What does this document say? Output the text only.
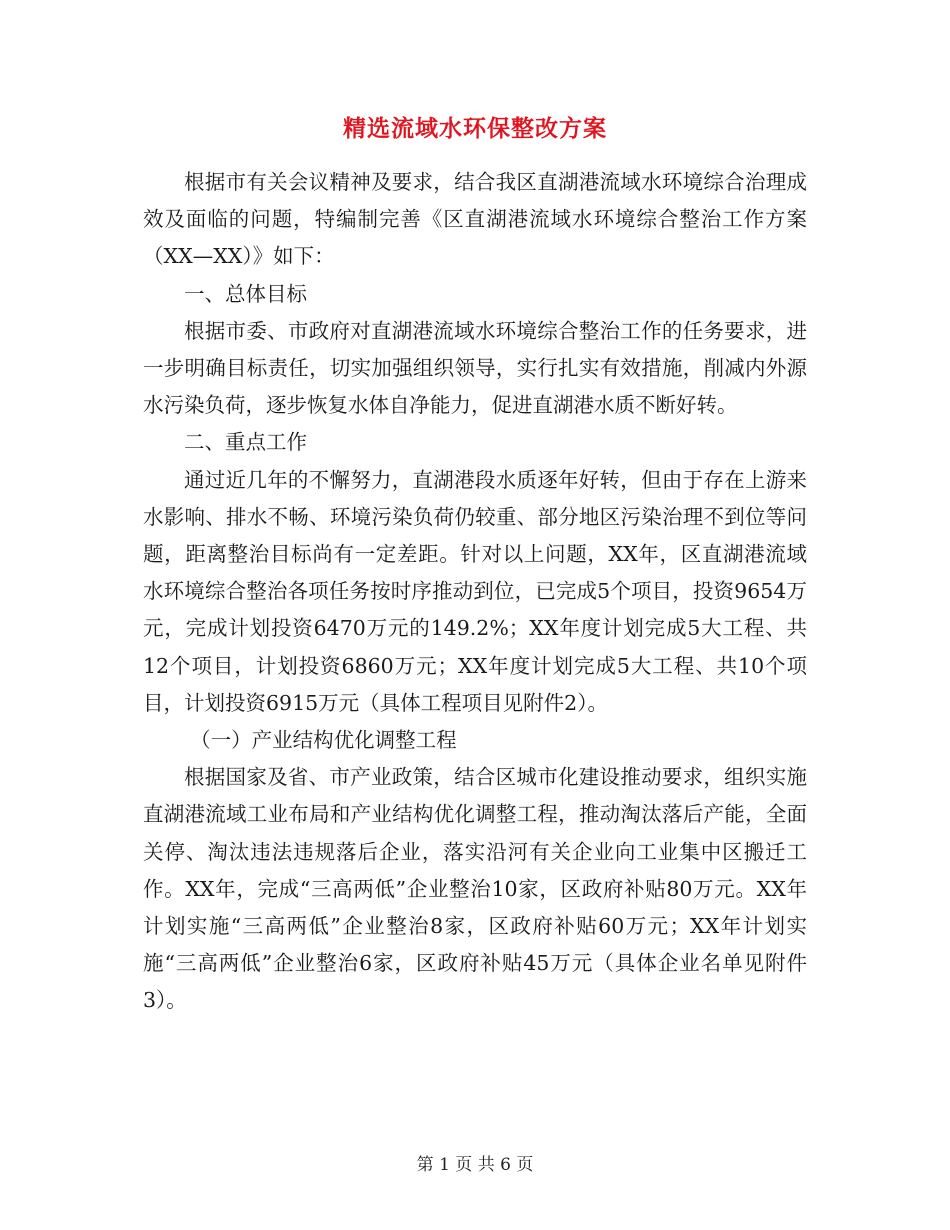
精选流域水环保整改方案

根据市有关会议精神及要求，结合我区直湖港流域水环境综合治理成效及面临的问题，特编制完善《区直湖港流域水环境综合整治工作方案（XX—XX）》如下：

一、总体目标

根据市委、市政府对直湖港流域水环境综合整治工作的任务要求，进一步明确目标责任，切实加强组织领导，实行扎实有效措施，削减内外源水污染负荷，逐步恢复水体自净能力，促进直湖港水质不断好转。

二、重点工作

通过近几年的不懈努力，直湖港段水质逐年好转，但由于存在上游来水影响、排水不畅、环境污染负荷仍较重、部分地区污染治理不到位等问题，距离整治目标尚有一定差距。针对以上问题，XX年，区直湖港流域水环境综合整治各项任务按时序推动到位，已完成5个项目，投资9654万元，完成计划投资6470万元的149.2%；XX年度计划完成5大工程、共12个项目，计划投资6860万元；XX年度计划完成5大工程、共10个项目，计划投资6915万元（具体工程项目见附件2）。

（一）产业结构优化调整工程

根据国家及省、市产业政策，结合区城市化建设推动要求，组织实施直湖港流域工业布局和产业结构优化调整工程，推动淘汰落后产能，全面关停、淘汰违法违规落后企业，落实沿河有关企业向工业集中区搬迁工作。XX年，完成“三高两低”企业整治10家，区政府补贴80万元。XX年计划实施“三高两低”企业整治8家，区政府补贴60万元；XX年计划实施“三高两低”企业整治6家，区政府补贴45万元（具体企业名单见附件3）。

第 1 页 共 6 页
